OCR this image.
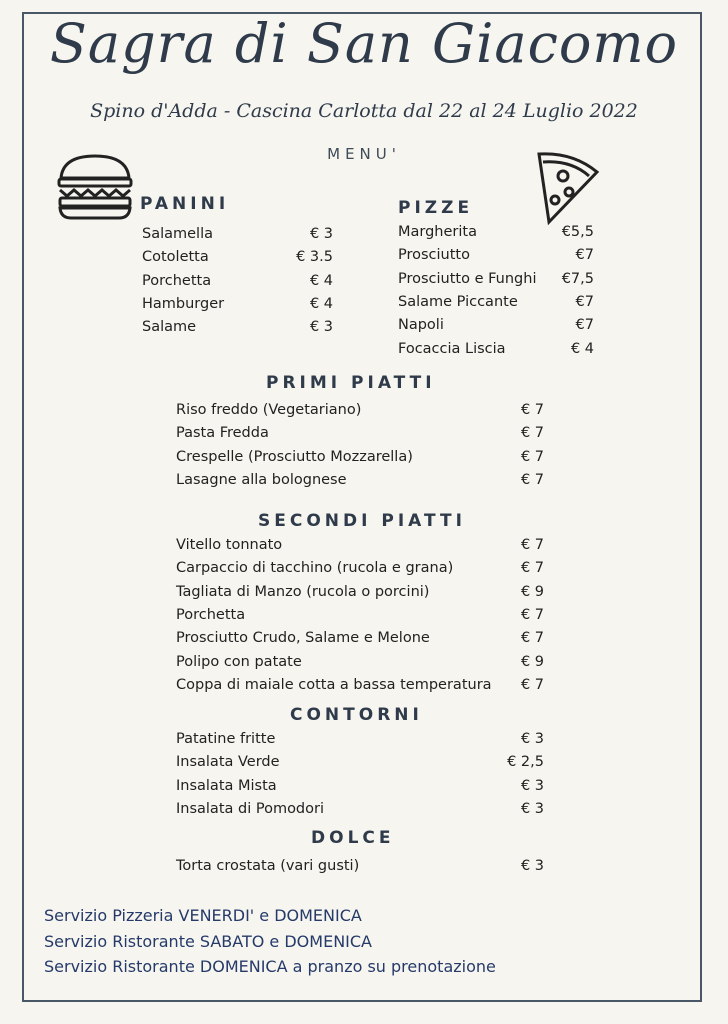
Sagra di San Giacomo
Spino d'Adda - Cascina Carlotta dal 22 al 24 Luglio 2022
MENU'
PANINI
Salamella	€ 3
Cotoletta	€ 3.5
Porchetta	€ 4
Hamburger	€ 4
Salame	€ 3
PIZZE
Margherita	€5,5
Prosciutto	€7
Prosciutto e Funghi €7,5
Salame Piccante	€7
Napoli	€7
Focaccia Liscia	€ 4
PRIMI PIATTI
Riso freddo (Vegetariano)	€ 7
Pasta Fredda	€ 7
Crespelle (Prosciutto Mozzarella)	€ 7
Lasagne alla bolognese	€ 7
SECONDI PIATTI
Vitello tonnato	€ 7
Carpaccio di tacchino (rucola e grana)	€ 7
Tagliata di Manzo (rucola o porcini)	€ 9
Porchetta	€ 7
Prosciutto Crudo, Salame e Melone	€ 7
Polipo con patate	€ 9
Coppa di maiale cotta a bassa temperatura € 7
CONTORNI
Patatine fritte	€ 3
Insalata Verde	€ 2,5
Insalata Mista	€ 3
Insalata di Pomodori	€ 3
DOLCE
Torta crostata (vari gusti)	€ 3
Servizio Pizzeria VENERDI' e DOMENICA
Servizio Ristorante SABATO e DOMENICA
Servizio Ristorante DOMENICA a pranzo su prenotazione
